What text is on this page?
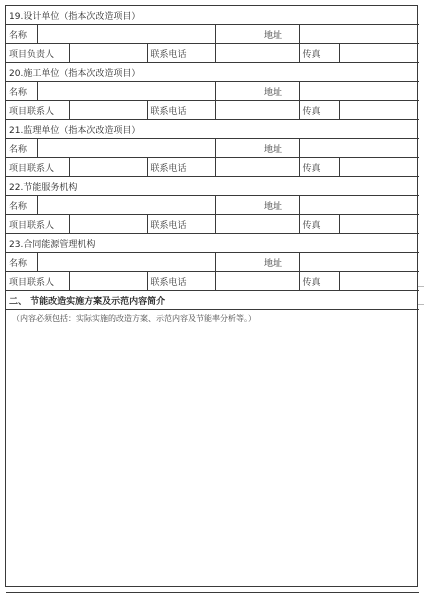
19.设计单位（指本次改造项目）							
名称					地址		
项目负责人			联系电话			传真	
20.施工单位（指本次改造项目）							
名称					地址		
项目联系人			联系电话			传真	
21.监理单位（指本次改造项目）							
名称					地址		
项目联系人			联系电话			传真	
22.节能服务机构							
名称					地址		
项目联系人			联系电话			传真	
23.合同能源管理机构							
名称					地址		
项目联系人			联系电话			传真	
二、 节能改造实施方案及示范内容简介							
（内容必须包括：实际实施的改造方案、示范内容及节能率分析等。）							
